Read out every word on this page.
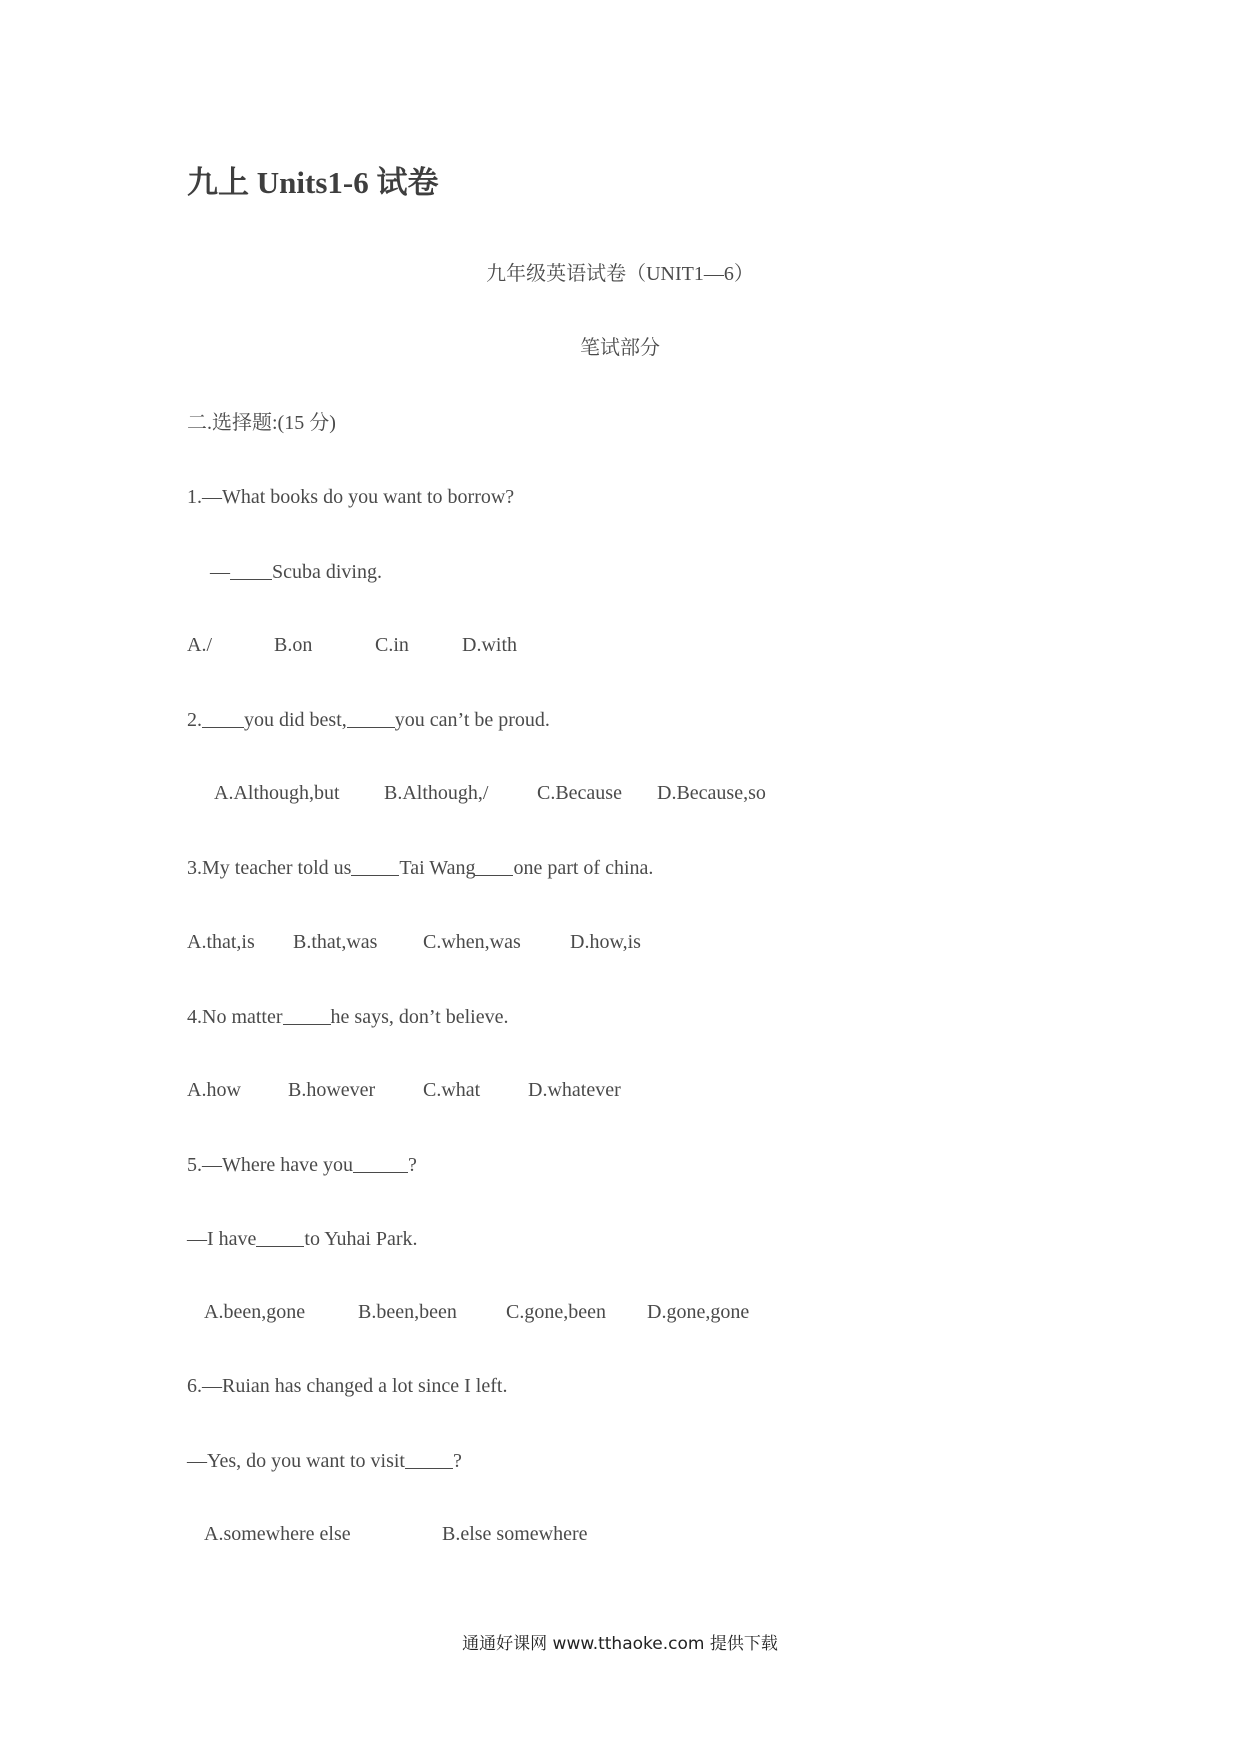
九上 Units1-6 试卷
九年级英语试卷（UNIT1—6）
笔试部分
二.选择题:(15 分)
1.—What books do you want to borrow?
— Scuba diving.
A./	B.on	C.in	D.with
2. you did best, you can’t be proud.
A.Although,but B.Although,/ C.Because D.Because,so
3.My teacher told us Tai Wang one part of china.
A.that,is B.that,was C.when,was D.how,is
4.No matter he says, don’t believe.
A.how B.however C.what D.whatever
5.—Where have you	?
—I have to Yuhai Park.
A.been,gone	B.been,been C.gone,been D.gone,gone
6.—Ruian has changed a lot since I left.
—Yes, do you want to visit ?
A.somewhere else	B.else somewhere
通通好课网 www.tthaoke.com 提供下载
